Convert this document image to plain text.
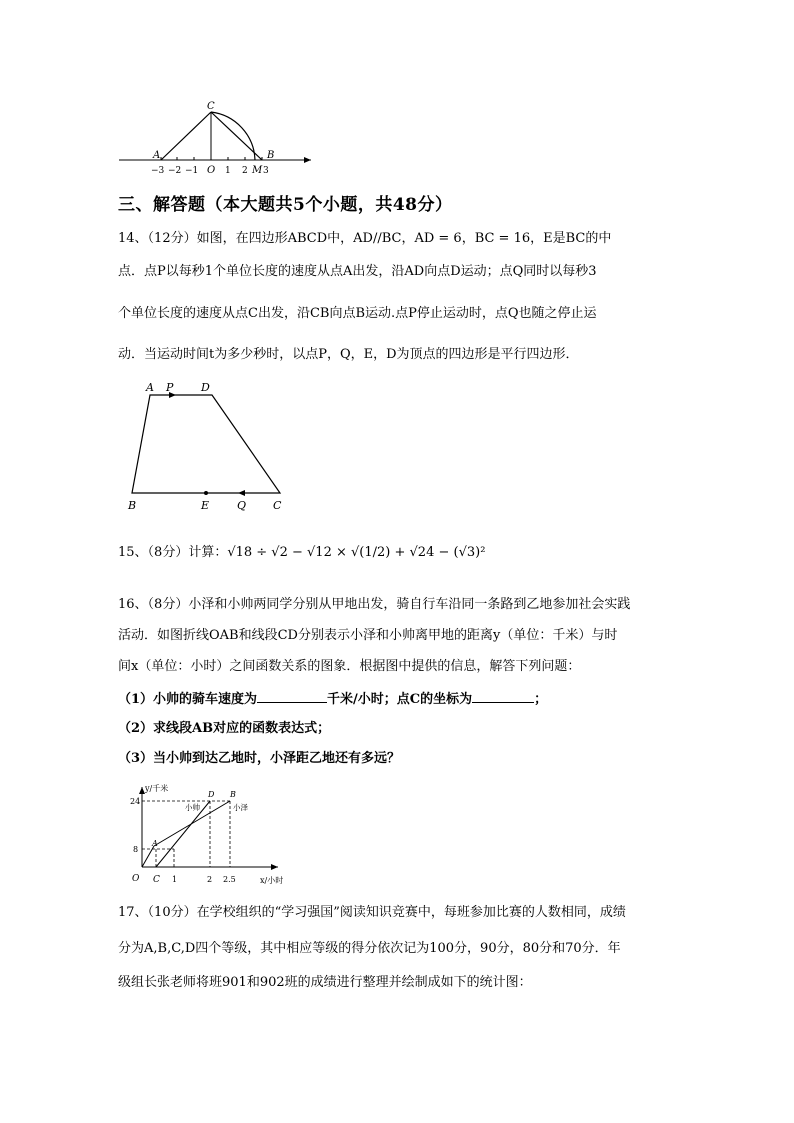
C
A	B
O	M
−3 −2 −1	1 2 3
三、解答题（本大题共5个小题，共48分）
14、（12分）如图，在四边形ABCD中，AD//BC，AD = 6，BC = 16，E是BC的中
点．点P以每秒1个单位长度的速度从点A出发，沿AD向点D运动；点Q同时以每秒3
个单位长度的速度从点C出发，沿CB向点B运动.点P停止运动时，点Q也随之停止运
动．当运动时间t为多少秒时，以点P，Q，E，D为顶点的四边形是平行四边形．
A P	D
B	E	Q C
15、（8分）计算：√18 ÷ √2 − √12 × √(1/2) + √24 − (√3)²
16、（8分）小泽和小帅两同学分别从甲地出发，骑自行车沿同一条路到乙地参加社会实践
活动．如图折线OAB和线段CD分别表示小泽和小帅离甲地的距离y（单位：千米）与时
间x（单位：小时）之间函数关系的图象．根据图中提供的信息，解答下列问题：
（1）小帅的骑车速度为	千米/小时；点C的坐标为	；
（2）求线段AB对应的函数表达式；
（3）当小帅到达乙地时，小泽距乙地还有多远？
y/千米
x/小时
24
8
O C 1	2 2.5
A
D B
小帅	小泽
17、（10分）在学校组织的“学习强国”阅读知识竞赛中，每班参加比赛的人数相同，成绩
分为A,B,C,D四个等级，其中相应等级的得分依次记为100分，90分，80分和70分．年
级组长张老师将班901和902班的成绩进行整理并绘制成如下的统计图：
